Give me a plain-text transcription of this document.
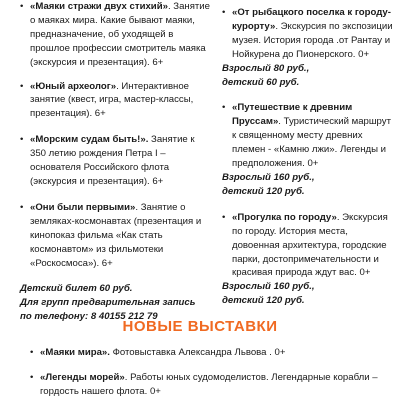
• «Маяки стражи двух стихий». Занятие о маяках мира. Какие бывают маяки, предназначение, об уходящей в прошлое профессии смотритель маяка (экскурсия и презентация). 6+

• «Юный археолог». Интерактивное занятие (квест, игра, мастер-классы, презентация). 6+

• «Морским судам быть!». Занятие к 350 летию рождения Петра I – основателя Российского флота (экскурсия и презентация). 6+

• «Они были первыми». Занятие о земляках-космонавтах (презентация и кинопоказ фильма «Как стать космонавтом» из фильмотеки «Роскосмоса»). 6+

Детский билет 60 руб.

Для групп предварительная запись

по телефону: 8 40155 212 79

• «От рыбацкого поселка к городу-курорту». Экскурсия по экспозиции музея. История города .от Рантау и Нойкурена до Пионерского. 0+

Взрослый 80 руб.,

детский 60 руб.

• «Путешествие к древним Пруссам». Туристический маршрут к священному месту древних племен - «Камню лжи». Легенды и предположения. 0+

Взрослый 160 руб.,

детский 120 руб.

• «Прогулка по городу». Экскурсия по городу. История места, довоенная архитектура, городские парки, достопримечательности и красивая природа ждут вас. 0+

Взрослый 160 руб.,

детский 120 руб.

НОВЫЕ ВЫСТАВКИ

• «Маяки мира». Фотовыставка Александра Львова . 0+

• «Легенды морей». Работы юных судомоделистов. Легендарные корабли – гордость нашего флота. 0+
